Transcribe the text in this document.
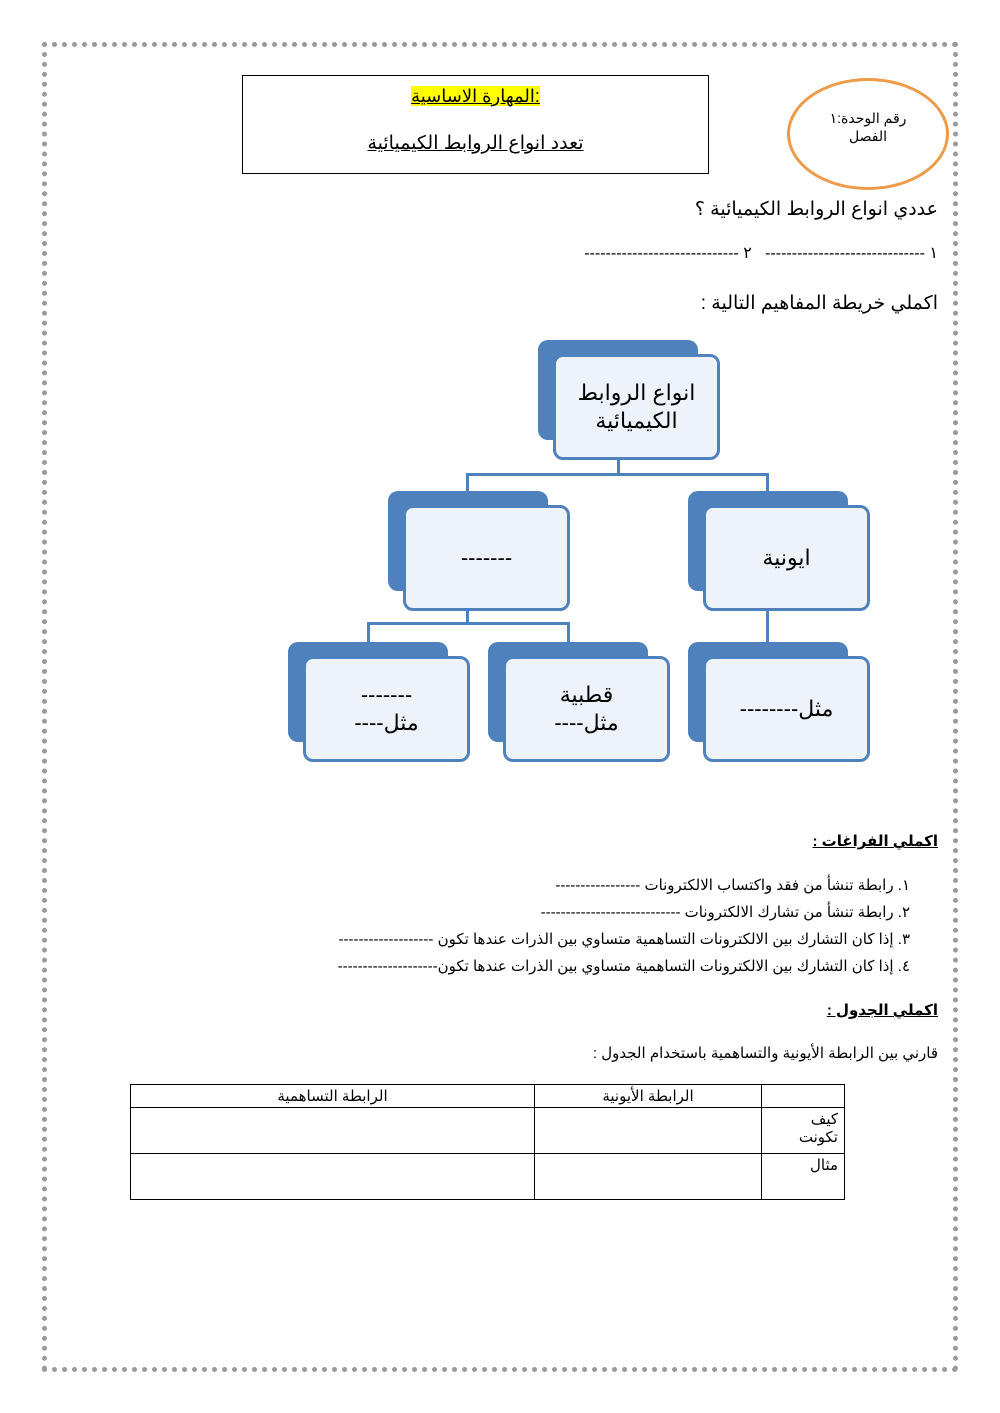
المهارة الاساسية:
تعدد انواع الروابط الكيميائية
رقم الوحدة:١
الفصل
عددي انواع الروابط الكيميائية ؟
١ ------------------------------   ٢ -----------------------------
اكملي خريطة المفاهيم التالية :
انواع الروابط
الكيميائية
ايونية
-------
مثل--------
قطبية
مثل----
-------
مثل----
اكملي الفراغات :
١. رابطة تنشأ من فقد واكتساب الالكترونات -----------------
٢. رابطة تنشأ من تشارك الالكترونات ----------------------------
٣. إذا كان التشارك بين الالكترونات التساهمية متساوي بين الذرات عندها تكون -------------------
٤. إذا كان التشارك بين الالكترونات التساهمية متساوي بين الذرات عندها تكون--------------------
اكملي الجدول :
قارني بين الرابطة الأيونية والتساهمية باستخدام الجدول :
	الرابطة الأيونية	الرابطة التساهمية
كيف تكونت		
مثال		
